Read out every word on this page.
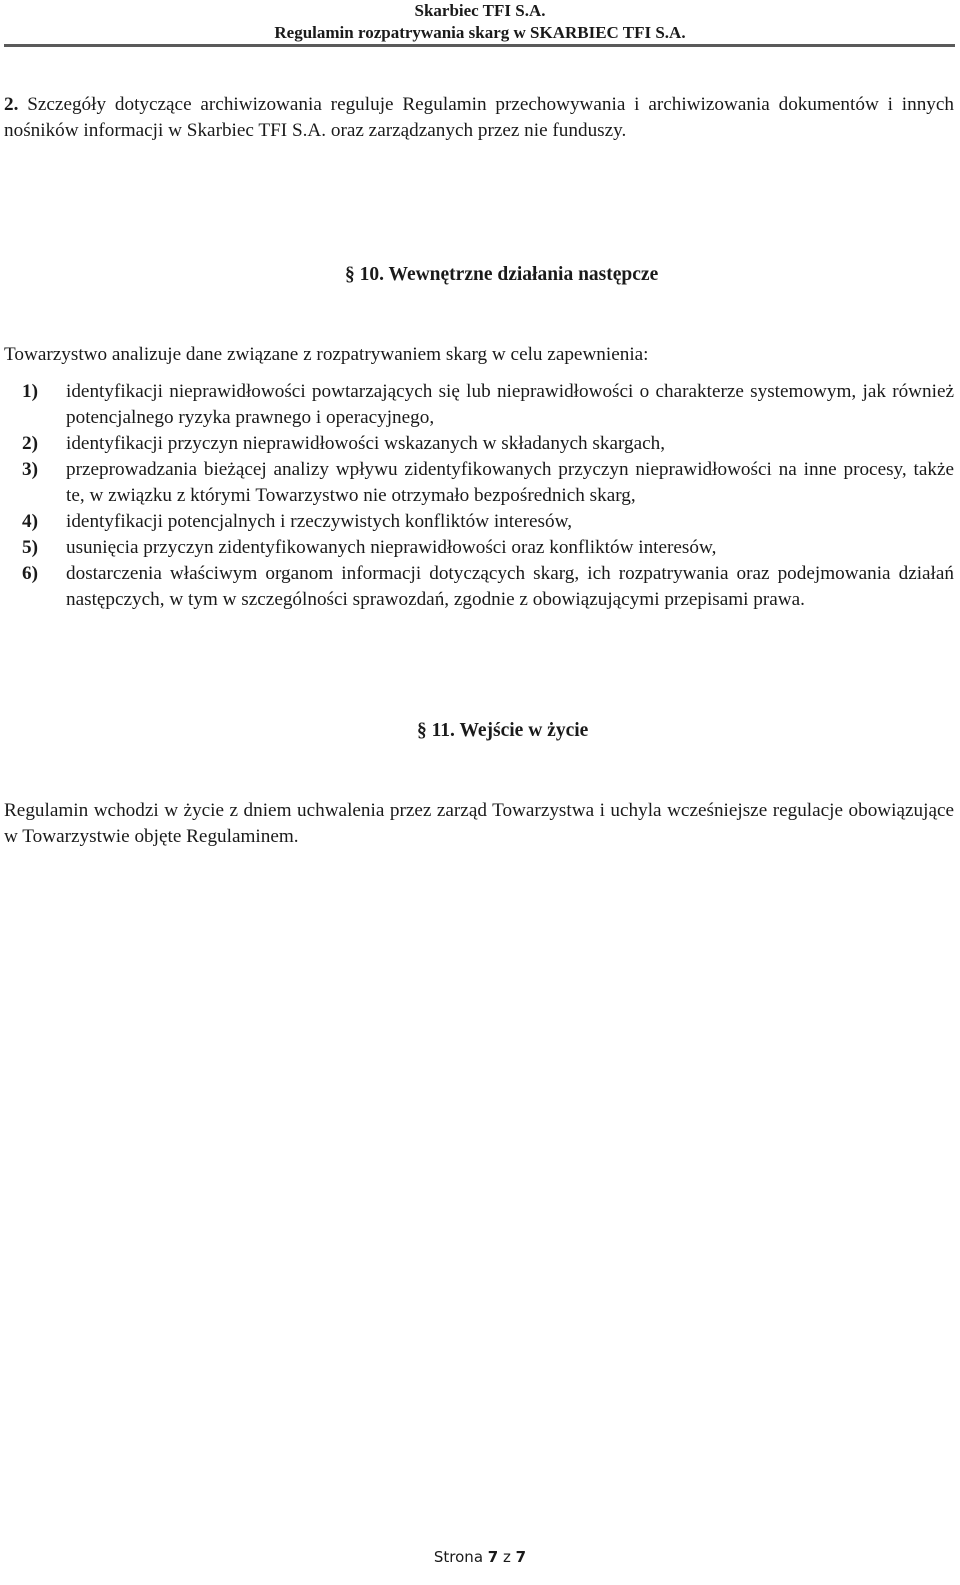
Skarbiec TFI S.A.
Regulamin rozpatrywania skarg w SKARBIEC TFI S.A.
2. Szczegóły dotyczące archiwizowania reguluje Regulamin przechowywania i archiwizowania dokumentów i innych nośników informacji w Skarbiec TFI S.A. oraz zarządzanych przez nie funduszy.
§ 10. Wewnętrzne działania następcze
Towarzystwo analizuje dane związane z rozpatrywaniem skarg w celu zapewnienia:
1)	identyfikacji nieprawidłowości powtarzających się lub nieprawidłowości o charakterze systemowym, jak również potencjalnego ryzyka prawnego i operacyjnego,
2)	identyfikacji przyczyn nieprawidłowości wskazanych w składanych skargach,
3)	przeprowadzania bieżącej analizy wpływu zidentyfikowanych przyczyn nieprawidłowości na inne procesy, także te, w związku z którymi Towarzystwo nie otrzymało bezpośrednich skarg,
4)	identyfikacji potencjalnych i rzeczywistych konfliktów interesów,
5)	usunięcia przyczyn zidentyfikowanych nieprawidłowości oraz konfliktów interesów,
6)	dostarczenia właściwym organom informacji dotyczących skarg, ich rozpatrywania oraz podejmowania działań następczych, w tym w szczególności sprawozdań, zgodnie z obowiązującymi przepisami prawa.
§ 11. Wejście w życie
Regulamin wchodzi w życie z dniem uchwalenia przez zarząd Towarzystwa i uchyla wcześniejsze regulacje obowiązujące w Towarzystwie objęte Regulaminem.
Strona 7 z 7
